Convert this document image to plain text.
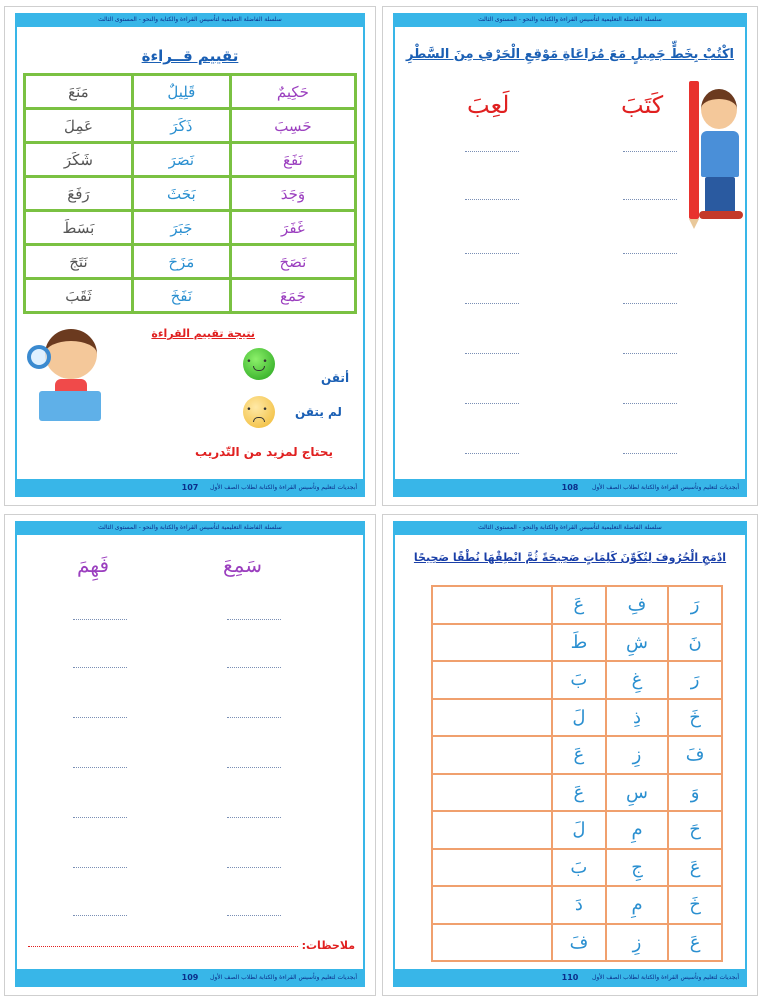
سلسلة الفاضلة التعليمية لتأسيس القراءة والكتابة والنحو - المستوى الثالث
اكْتُبْ بِخَطٍّ جَمِيلٍ مَعَ مُرَاعَاةِ مَوْقِعِ الْحَرْفِ مِنَ السَّطْرِ
كَتَبَ
لَعِبَ
108	أبجديات لتعليم وتأسيس القراءة والكتابة لطلاب الصف الأول
سلسلة الفاضلة التعليمية لتأسيس القراءة والكتابة والنحو - المستوى الثالث
تقييم قــراءة
حَكِيمٌ	قَلِيلٌ	مَنَعَ
حَسِبَ	ذَكَرَ	عَمِلَ
نَفَعَ	نَصَرَ	شَكَرَ
وَجَدَ	بَحَثَ	رَفَعَ
غَفَرَ	جَبَرَ	بَسَطَ
نَصَحَ	مَزَحَ	نَتَجَ
جَمَعَ	نَفَخَ	ثَقَبَ
نتيجة تقييم القراءة
• •
أتقن
• • لم يتقن
يحتاج لمزيد من التّدريب
107	أبجديات لتعليم وتأسيس القراءة والكتابة لطلاب الصف الأول
سلسلة الفاضلة التعليمية لتأسيس القراءة والكتابة والنحو - المستوى الثالث
ادْمَجِ الْحُرُوفَ لِتُكَوِّنَ كَلِمَاتٍ صَحِيحَةً ثُمَّ انْطِقْهَا نُطْقًا صَحِيحًا
رَ	فِ	عَ	
نَ	شِ	طَ	
رَ	غِ	بَ	
خَ	ذِ	لَ	
فَ	زِ	عَ	
وَ	سِ	عَ	
حَ	مِ	لَ	
عَ	جِ	بَ	
خَ	مِ	دَ	
عَ	زِ	فَ	
110	أبجديات لتعليم وتأسيس القراءة والكتابة لطلاب الصف الأول
سلسلة الفاضلة التعليمية لتأسيس القراءة والكتابة والنحو - المستوى الثالث
سَمِعَ
فَهِمَ
ملاحظات:
109	أبجديات لتعليم وتأسيس القراءة والكتابة لطلاب الصف الأول
